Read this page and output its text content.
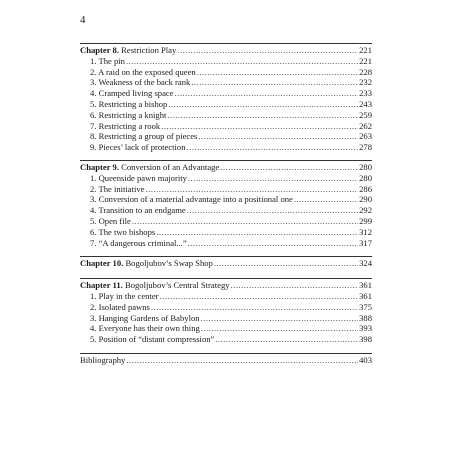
4
Chapter 8. Restriction Play .....	221
1. The pin .....	221
2. A raid on the exposed queen .....	228
3. Weakness of the back rank .....	232
4. Cramped living space .....	233
5. Restricting a bishop .....	243
6. Restricting a knight .....	259
7. Restricting a rook .....	262
8. Restricting a group of pieces .....	263
9. Pieces’ lack of protection .....	278
Chapter 9. Conversion of an Advantage .....	280
1. Queenside pawn majority .....	280
2. The initiative .....	286
3. Conversion of a material advantage into a positional one .....	290
4. Transition to an endgame .....	292
5. Open file .....	299
6. The two bishops .....	312
7. “A dangerous criminal...” .....	317
Chapter 10. Bogoljubov’s Swap Shop .....	324
Chapter 11. Bogoljubov’s Central Strategy .....	361
1. Play in the center .....	361
2. Isolated pawns .....	375
3. Hanging Gardens of Babylon .....	388
4. Everyone has their own thing .....	393
5. Position of “distant compression” .....	398
Bibliography .....	403
